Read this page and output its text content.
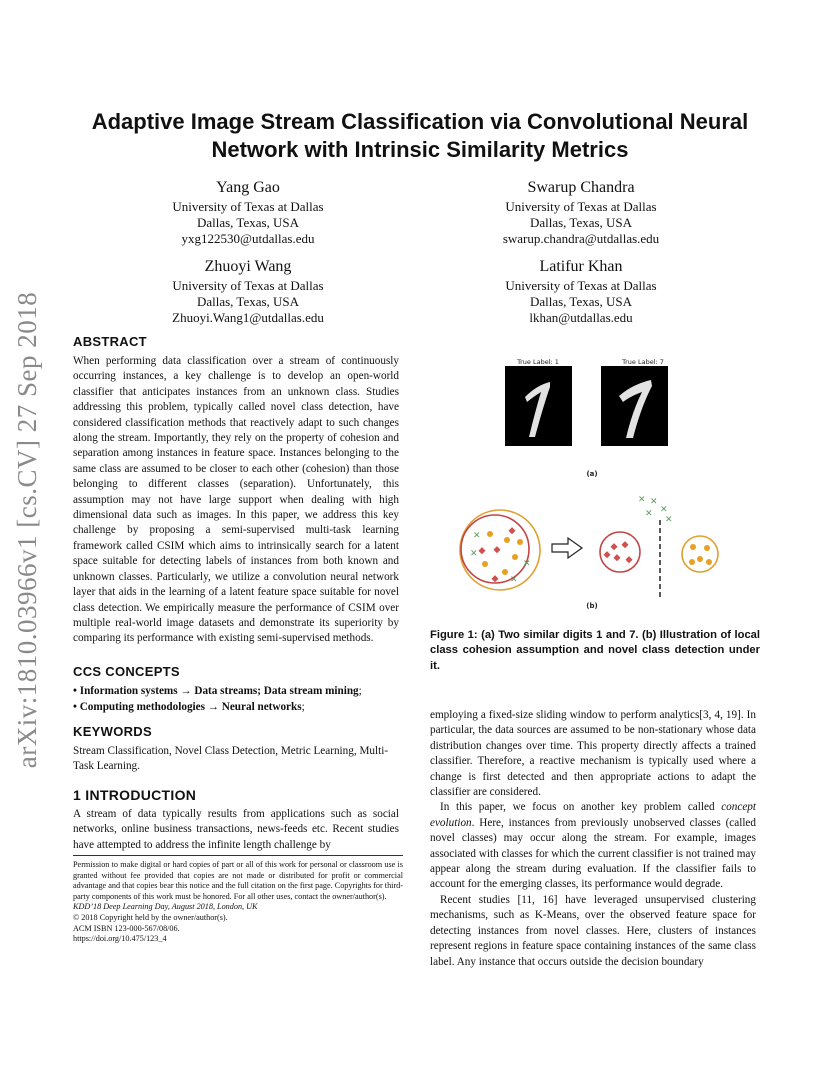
arXiv:1810.03966v1 [cs.CV] 27 Sep 2018
Adaptive Image Stream Classification via Convolutional Neural Network with Intrinsic Similarity Metrics
Yang Gao
University of Texas at Dallas
Dallas, Texas, USA
yxg122530@utdallas.edu
Swarup Chandra
University of Texas at Dallas
Dallas, Texas, USA
swarup.chandra@utdallas.edu
Zhuoyi Wang
University of Texas at Dallas
Dallas, Texas, USA
Zhuoyi.Wang1@utdallas.edu
Latifur Khan
University of Texas at Dallas
Dallas, Texas, USA
lkhan@utdallas.edu
ABSTRACT
When performing data classification over a stream of continuously occurring instances, a key challenge is to develop an open-world classifier that anticipates instances from an unknown class. Studies addressing this problem, typically called novel class detection, have considered classification methods that reactively adapt to such changes along the stream. Importantly, they rely on the property of cohesion and separation among instances in feature space. Instances belonging to the same class are assumed to be closer to each other (cohesion) than those belonging to different classes (separation). Unfortunately, this assumption may not have large support when dealing with high dimensional data such as images. In this paper, we address this key challenge by proposing a semi-supervised multi-task learning framework called CSIM which aims to intrinsically search for a latent space suitable for detecting labels of instances from both known and unknown classes. Particularly, we utilize a convolution neural network layer that aids in the learning of a latent feature space suitable for novel class detection. We empirically measure the performance of CSIM over multiple real-world image datasets and demonstrate its superiority by comparing its performance with existing semi-supervised methods.
CCS CONCEPTS
• Information systems → Data streams; Data stream mining;
• Computing methodologies → Neural networks;
KEYWORDS
Stream Classification, Novel Class Detection, Metric Learning, Multi-Task Learning.
1 INTRODUCTION
A stream of data typically results from applications such as social networks, online business transactions, news-feeds etc. Recent studies have attempted to address the infinite length challenge by
Permission to make digital or hard copies of part or all of this work for personal or classroom use is granted without fee provided that copies are not made or distributed for profit or commercial advantage and that copies bear this notice and the full citation on the first page. Copyrights for third-party components of this work must be honored. For all other uses, contact the owner/author(s).
KDD’18 Deep Learning Day, August 2018, London, UK
© 2018 Copyright held by the owner/author(s).
ACM ISBN 123-000-567/08/06.
https://doi.org/10.475/123_4
True Label: 1	True Label: 7
(a)
✕
✕
✕
✕
✕ ✕
✕
✕
✕
(b)
Figure 1: (a) Two similar digits 1 and 7. (b) Illustration of local class cohesion assumption and novel class detection under it.

employing a fixed-size sliding window to perform analytics[3, 4, 19]. In particular, the data sources are assumed to be non-stationary whose data distribution changes over time. This property directly affects a trained classifier. Therefore, a reactive mechanism is typically used where a change is first detected and then appropriate actions to adapt the classifier are considered.

In this paper, we focus on another key problem called concept evolution. Here, instances from previously unobserved classes (called novel classes) may occur along the stream. For example, images associated with classes for which the current classifier is not trained may appear along the stream during evaluation. If the classifier fails to account for the emerging classes, its performance would degrade.

Recent studies [11, 16] have leveraged unsupervised clustering mechanisms, such as K-Means, over the observed feature space for detecting instances from novel classes. Here, clusters of instances represent regions in feature space containing instances of the same class label. Any instance that occurs outside the decision boundary
